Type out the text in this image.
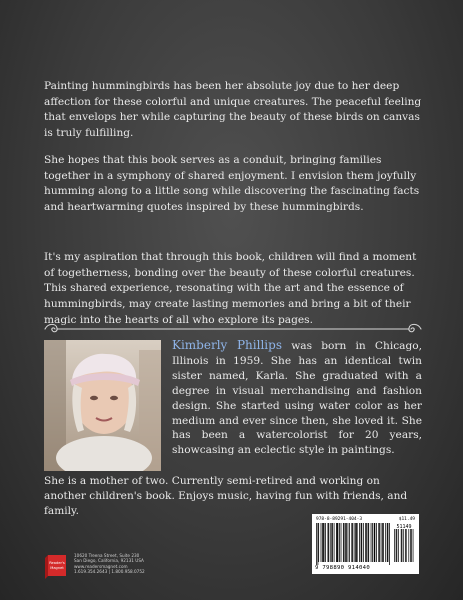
Painting hummingbirds has been her absolute joy due to her deep affection for these colorful and unique creatures. The peaceful feeling that envelops her while capturing the beauty of these birds on canvas is truly fulfilling.

She hopes that this book serves as a conduit, bringing families together in a symphony of shared enjoyment. I envision them joyfully humming along to a little song while discovering the fascinating facts and heartwarming quotes inspired by these hummingbirds.

It's my aspiration that through this book, children will find a moment of togetherness, bonding over the beauty of these colorful creatures. This shared experience, resonating with the art and the essence of hummingbirds, may create lasting memories and bring a bit of their magic into the hearts of all who explore its pages.

Kimberly Phillips was born in Chicago, Illinois in 1959. She has an identical twin sister named, Karla. She graduated with a degree in visual merchandising and fashion design. She started using water color as her medium and ever since then, she loved it. She has been a watercolorist for 20 years, showcasing an eclectic style in paintings.

She is a mother of two. Currently semi-retired and working on another children's book. Enjoys music, having fun with friends, and family.

Reader's
Magnet
10620 Treena Street, Suite 230
San Diego, California, 92131 USA
www.readersmagnet.com
1.619.354.2643 | 1.800.958.0752
978-8-89291-404-3	$11.49
51149
9 798890 914040
